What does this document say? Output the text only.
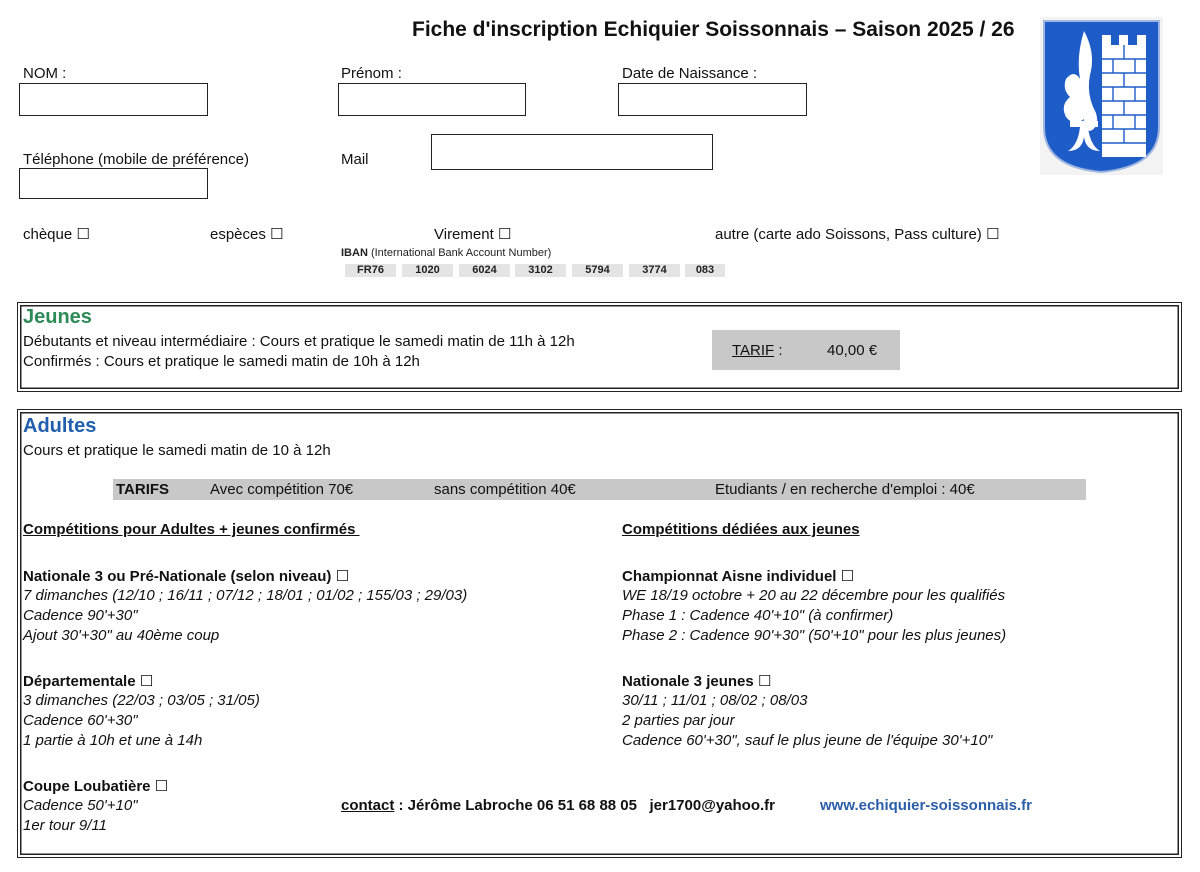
Fiche d'inscription Echiquier Soissonnais – Saison 2025 / 26
NOM :	Prénom :	Date de Naissance :
Téléphone (mobile de préférence)	Mail
chèque ☐	espèces ☐	Virement ☐	autre (carte ado Soissons, Pass culture) ☐
IBAN (International Bank Account Number)
FR76	1020	6024	3102	5794	3774	083
Jeunes
Débutants et niveau intermédiaire : Cours et pratique le samedi matin de 11h à 12h
Confirmés : Cours et pratique le samedi matin de 10h à 12h
TARIF :	40,00 €
Adultes
Cours et pratique le samedi matin de 10 à 12h
TARIFS	Avec compétition 70€	sans compétition 40€	Etudiants / en recherche d'emploi : 40€
Compétitions pour Adultes + jeunes confirmés
Nationale 3 ou Pré-Nationale (selon niveau) ☐
7 dimanches (12/10 ; 16/11 ; 07/12 ; 18/01 ; 01/02 ; 155/03 ; 29/03)
Cadence 90'+30"
Ajout 30'+30" au 40ème coup
Départementale ☐
3 dimanches (22/03 ; 03/05 ; 31/05)
Cadence 60'+30"
1 partie à 10h et une à 14h
Coupe Loubatière ☐
Cadence 50'+10"
1er tour 9/11
Compétitions dédiées aux jeunes
Championnat Aisne individuel ☐
WE 18/19 octobre + 20 au 22 décembre pour les qualifiés
Phase 1 : Cadence 40'+10" (à confirmer)
Phase 2 : Cadence 90'+30" (50'+10" pour les plus jeunes)
Nationale 3 jeunes ☐
30/11 ; 11/01 ; 08/02 ; 08/03
2 parties par jour
Cadence 60'+30", sauf le plus jeune de l'équipe 30'+10"
contact : Jérôme Labroche 06 51 68 88 05   jer1700@yahoo.fr	www.echiquier-soissonnais.fr
